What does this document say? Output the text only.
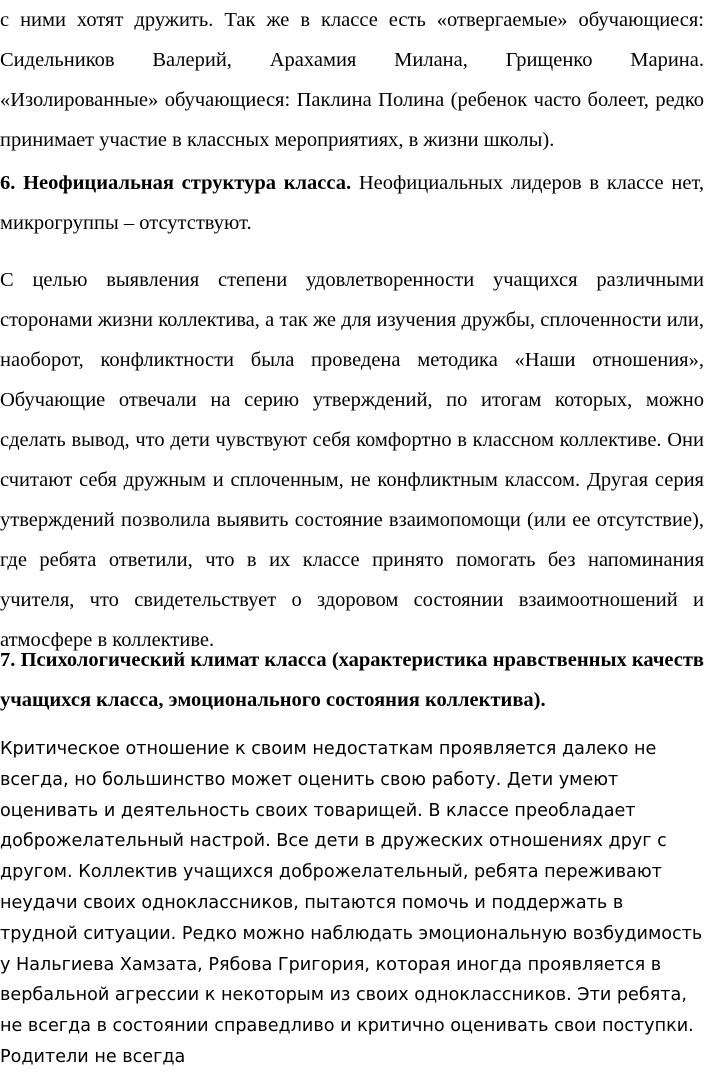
с ними хотят дружить. Так же в классе есть «отвергаемые» обучающиеся: Сидельников Валерий, Арахамия Милана, Грищенко Марина. «Изолированные» обучающиеся: Паклина Полина (ребенок часто болеет, редко принимает участие в классных мероприятиях, в жизни школы).

6. Неофициальная структура класса. Неофициальных лидеров в классе нет, микрогруппы – отсутствуют.

С целью выявления степени удовлетворенности учащихся различными сторонами жизни коллектива, а так же для изучения дружбы, сплоченности или, наоборот, конфликтности была проведена методика «Наши отношения», Обучающие отвечали на серию утверждений, по итогам которых, можно сделать вывод, что дети чувствуют себя комфортно в классном коллективе. Они считают себя дружным и сплоченным, не конфликтным классом. Другая серия утверждений позволила выявить состояние взаимопомощи (или ее отсутствие), где ребята ответили, что в их классе принято помогать без напоминания учителя, что свидетельствует о здоровом состоянии взаимоотношений и атмосфере в коллективе.

7. Психологический климат класса (характеристика нравственных качеств учащихся класса, эмоционального состояния коллектива).

Критическое отношение к своим недостаткам проявляется далеко не всегда, но большинство может оценить свою работу. Дети умеют оценивать и деятельность своих товарищей. В классе преобладает доброжелательный настрой. Все дети в дружеских отношениях друг с другом. Коллектив учащихся доброжелательный, ребята переживают неудачи своих одноклассников, пытаются помочь и поддержать в трудной ситуации. Редко можно наблюдать эмоциональную возбудимость у Нальгиева Хамзата, Рябова Григория, которая иногда проявляется в вербальной агрессии к некоторым из своих одноклассников. Эти ребята, не всегда в состоянии справедливо и критично оценивать свои поступки. Родители не всегда
